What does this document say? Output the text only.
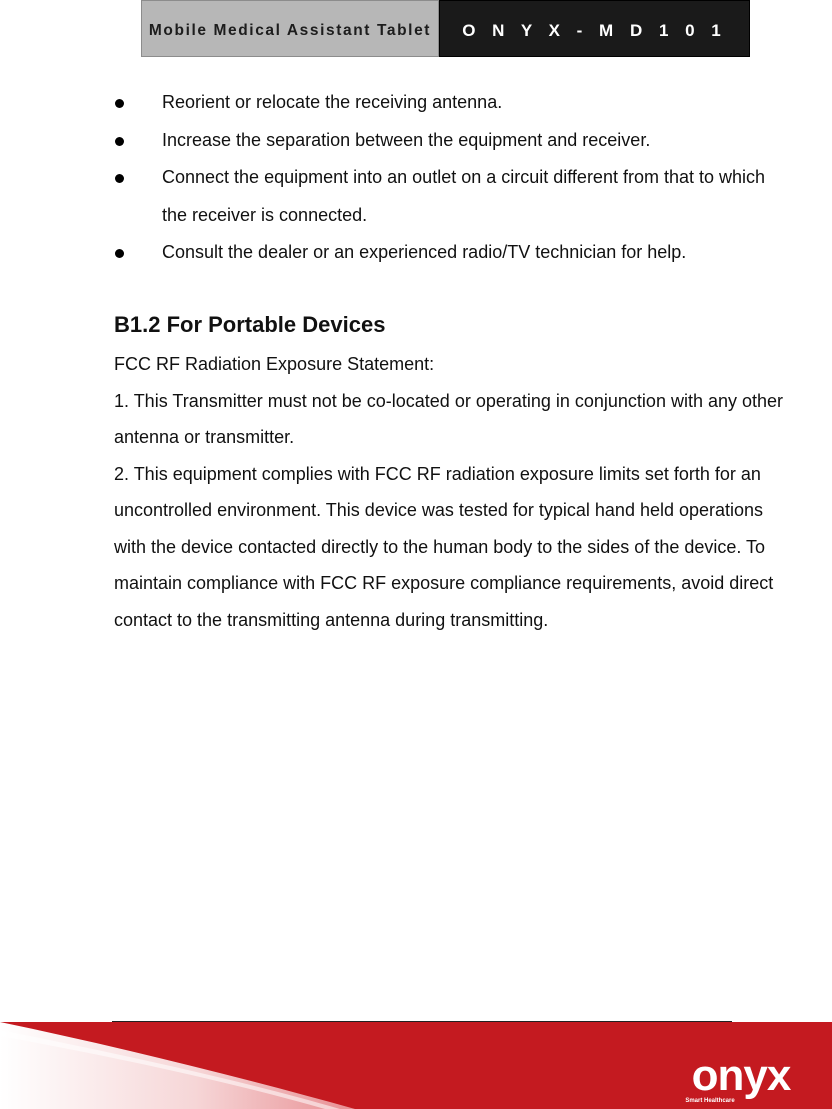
Mobile Medical Assistant Tablet O N Y X - M D 1 0 1
Reorient or relocate the receiving antenna.
Increase the separation between the equipment and receiver.
Connect the equipment into an outlet on a circuit different from that to which the receiver is connected.
Consult the dealer or an experienced radio/TV technician for help.
B1.2 For Portable Devices

FCC RF Radiation Exposure Statement:

1. This Transmitter must not be co-located or operating in conjunction with any other antenna or transmitter.

2. This equipment complies with FCC RF radiation exposure limits set forth for an uncontrolled environment. This device was tested for typical hand held operations with the device contacted directly to the human body to the sides of the device. To maintain compliance with FCC RF exposure compliance requirements, avoid direct contact to the transmitting antenna during transmitting.

onyx
Smart Healthcare
